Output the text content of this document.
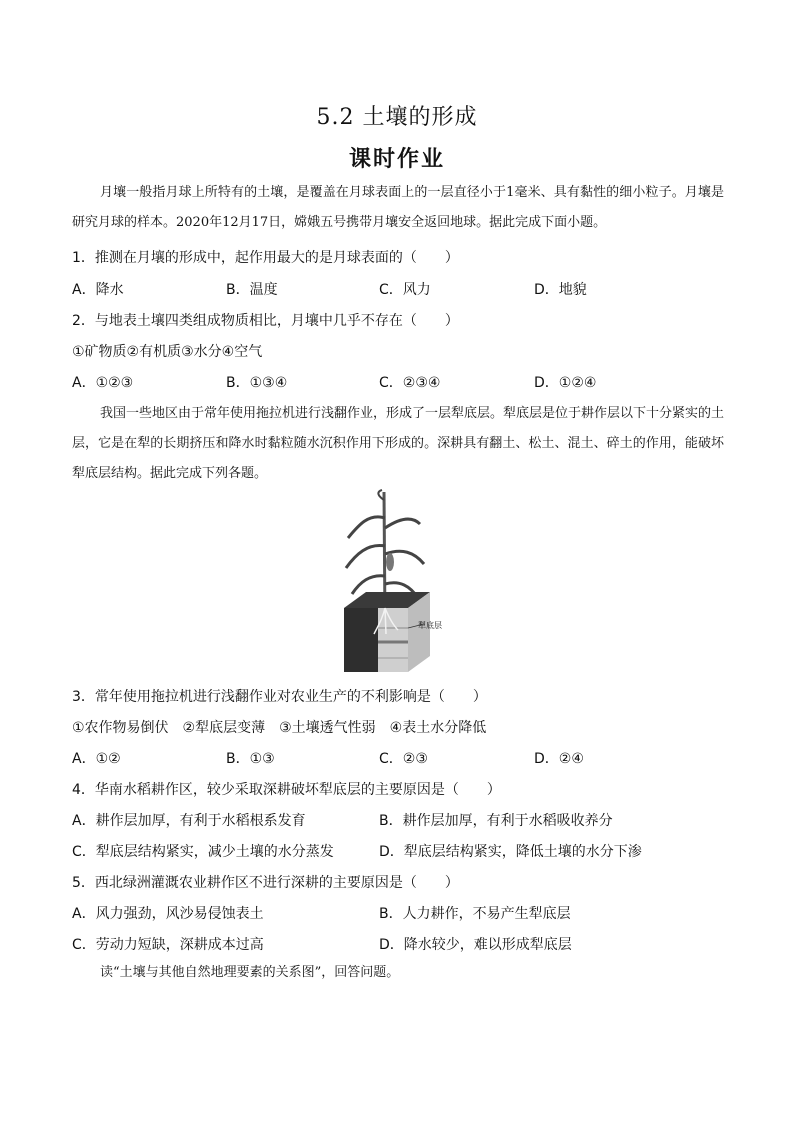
5.2 土壤的形成
课时作业
月壤一般指月球上所特有的土壤，是覆盖在月球表面上的一层直径小于1毫米、具有黏性的细小粒子。月壤是研究月球的样本。2020年12月17日，嫦娥五号携带月壤安全返回地球。据此完成下面小题。
1．推测在月壤的形成中，起作用最大的是月球表面的（　　）
A．降水	B．温度	C．风力	D．地貌
2．与地表土壤四类组成物质相比，月壤中几乎不存在（　　）
①矿物质②有机质③水分④空气
A．①②③	B．①③④	C．②③④	D．①②④
我国一些地区由于常年使用拖拉机进行浅翻作业，形成了一层犁底层。犁底层是位于耕作层以下十分紧实的土层，它是在犁的长期挤压和降水时黏粒随水沉积作用下形成的。深耕具有翻土、松土、混土、碎土的作用，能破坏犁底层结构。据此完成下列各题。
犁底层
3．常年使用拖拉机进行浅翻作业对农业生产的不利影响是（　　）
①农作物易倒伏　②犁底层变薄　③土壤透气性弱　④表土水分降低
A．①②	B．①③	C．②③	D．②④
4．华南水稻耕作区，较少采取深耕破坏犁底层的主要原因是（　　）
A．耕作层加厚，有利于水稻根系发育	B．耕作层加厚，有利于水稻吸收养分
C．犁底层结构紧实，减少土壤的水分蒸发	D．犁底层结构紧实，降低土壤的水分下渗
5．西北绿洲灌溉农业耕作区不进行深耕的主要原因是（　　）
A．风力强劲，风沙易侵蚀表土	B．人力耕作，不易产生犁底层
C．劳动力短缺，深耕成本过高	D．降水较少，难以形成犁底层
读“土壤与其他自然地理要素的关系图”，回答问题。
